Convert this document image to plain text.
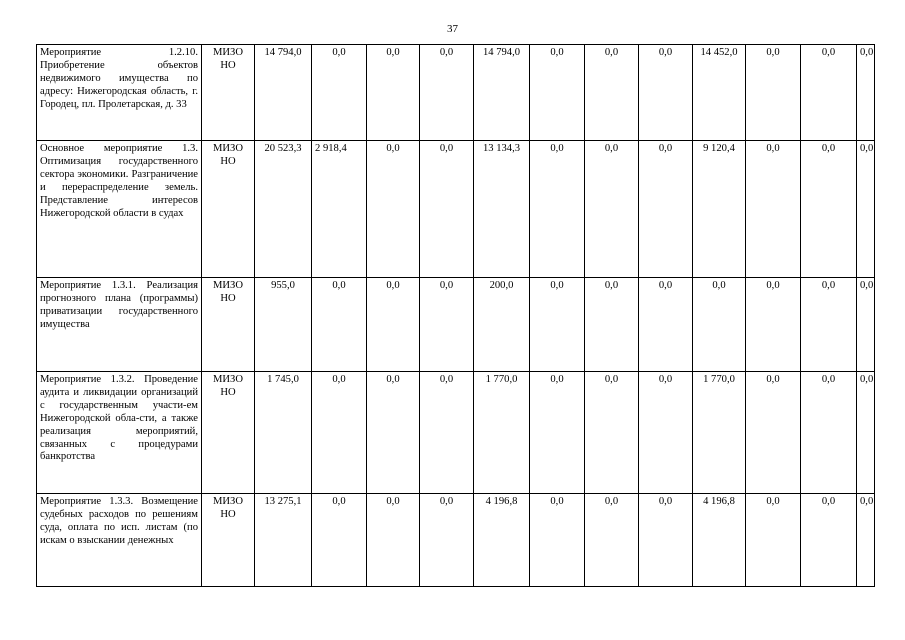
37
Мероприятие 1.2.10. Приобретение объектов недвижимого имущества по адресу: Нижегородская область, г. Городец, пл. Пролетарская, д. 33	МИЗО НО	14 794,0	0,0	0,0	0,0	14 794,0	0,0	0,0	0,0	14 452,0	0,0	0,0	0,0
Основное мероприятие 1.3. Оптимизация государственного сектора экономики. Разграничение и перераспределение земель. Представление интересов Нижегородской области в судах	МИЗО НО	20 523,3	2 918,4	0,0	0,0	13 134,3	0,0	0,0	0,0	9 120,4	0,0	0,0	0,0
Мероприятие 1.3.1. Реализация прогнозного плана (программы) приватизации государственного имущества	МИЗО НО	955,0	0,0	0,0	0,0	200,0	0,0	0,0	0,0	0,0	0,0	0,0	0,0
Мероприятие 1.3.2. Проведение аудита и ликвидации организаций с государственным участи-ем Нижегородской обла-сти, а также реализация мероприятий, связанных с процедурами банкротства	МИЗО НО	1 745,0	0,0	0,0	0,0	1 770,0	0,0	0,0	0,0	1 770,0	0,0	0,0	0,0
Мероприятие 1.3.3. Возмещение судебных расходов по решениям суда, оплата по исп. листам (по искам о взыскании денежных	МИЗО НО	13 275,1	0,0	0,0	0,0	4 196,8	0,0	0,0	0,0	4 196,8	0,0	0,0	0,0
